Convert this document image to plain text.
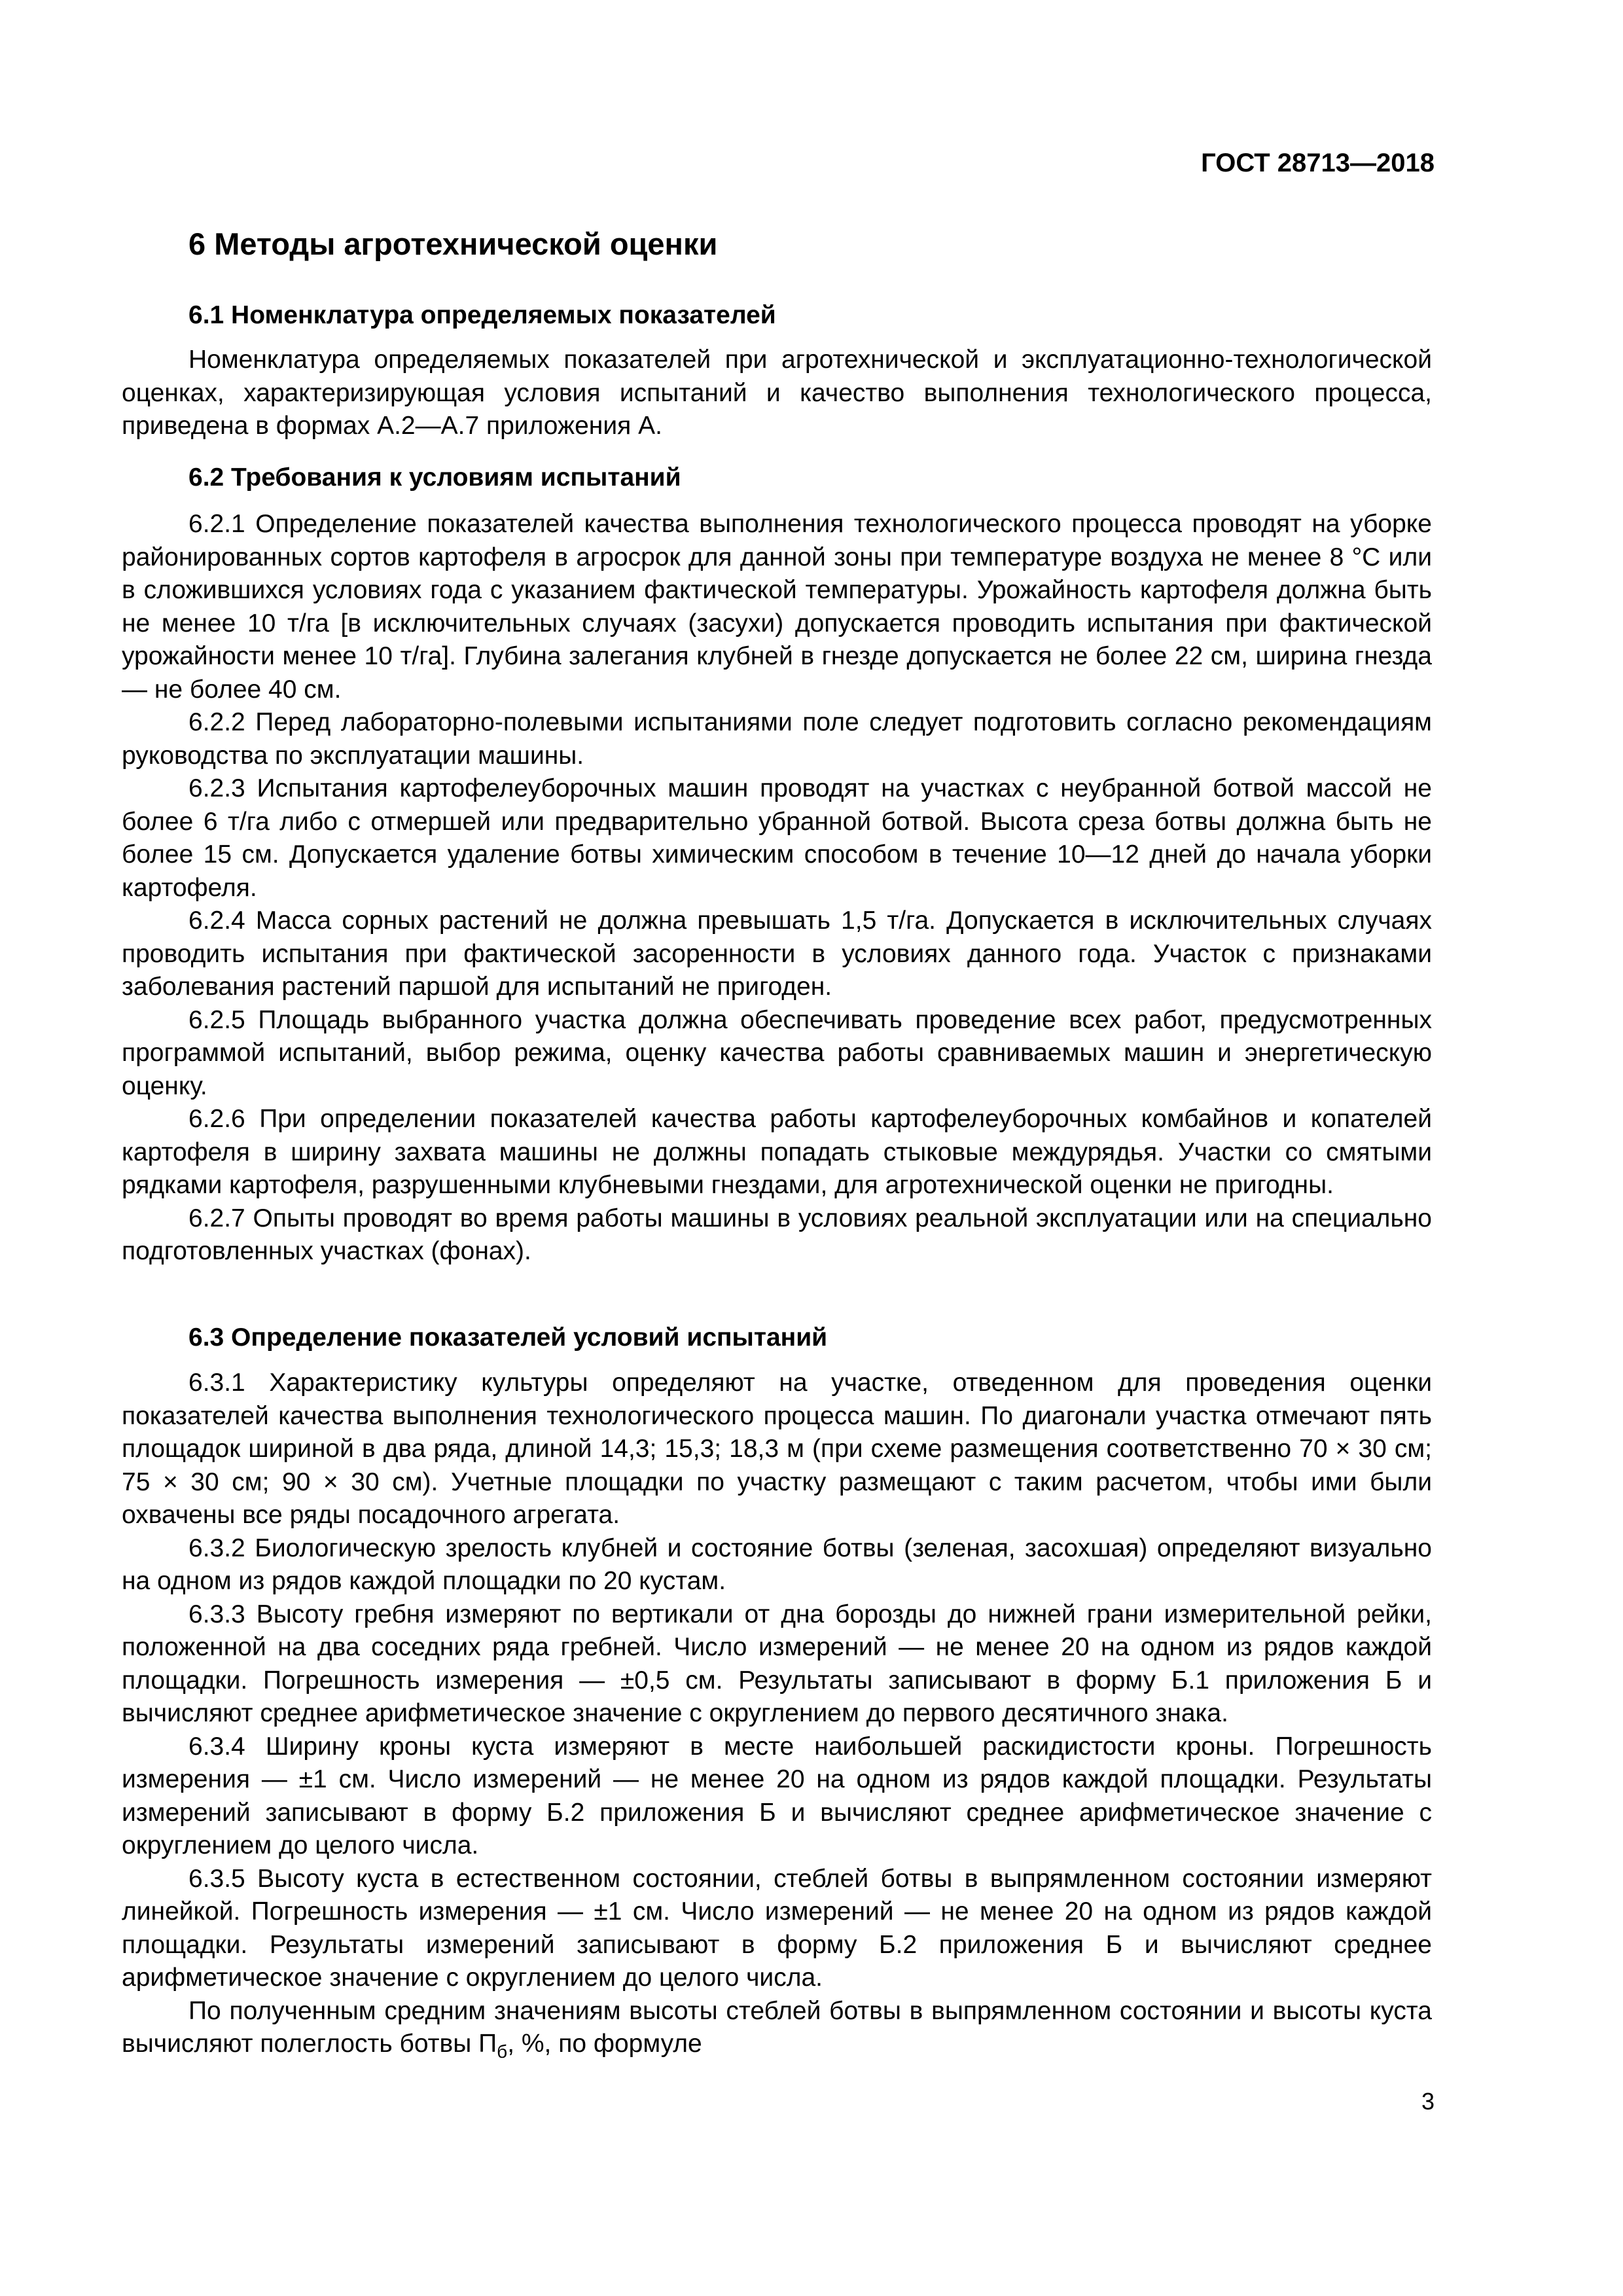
ГОСТ 28713—2018
6 Методы агротехнической оценки
6.1 Номенклатура определяемых показателей

Номенклатура определяемых показателей при агротехнической и эксплуатационно-технологической оценках, характеризирующая условия испытаний и качество выполнения технологического процесса, приведена в формах А.2—А.7 приложения А.

6.2 Требования к условиям испытаний

6.2.1 Определение показателей качества выполнения технологического процесса проводят на уборке районированных сортов картофеля в агросрок для данной зоны при температуре воздуха не менее 8 °С или в сложившихся условиях года с указанием фактической температуры. Урожайность картофеля должна быть не менее 10 т/га [в исключительных случаях (засухи) допускается проводить испытания при фактической урожайности менее 10 т/га]. Глубина залегания клубней в гнезде допускается не более 22 см, ширина гнезда — не более 40 см.

6.2.2 Перед лабораторно-полевыми испытаниями поле следует подготовить согласно рекомендациям руководства по эксплуатации машины.

6.2.3 Испытания картофелеуборочных машин проводят на участках с неубранной ботвой массой не более 6 т/га либо с отмершей или предварительно убранной ботвой. Высота среза ботвы должна быть не более 15 см. Допускается удаление ботвы химическим способом в течение 10—12 дней до начала уборки картофеля.

6.2.4 Масса сорных растений не должна превышать 1,5 т/га. Допускается в исключительных случаях проводить испытания при фактической засоренности в условиях данного года. Участок с признаками заболевания растений паршой для испытаний не пригоден.

6.2.5 Площадь выбранного участка должна обеспечивать проведение всех работ, предусмотренных программой испытаний, выбор режима, оценку качества работы сравниваемых машин и энергетическую оценку.

6.2.6 При определении показателей качества работы картофелеуборочных комбайнов и копателей картофеля в ширину захвата машины не должны попадать стыковые междурядья. Участки со смятыми рядками картофеля, разрушенными клубневыми гнездами, для агротехнической оценки не пригодны.

6.2.7 Опыты проводят во время работы машины в условиях реальной эксплуатации или на специально подготовленных участках (фонах).

6.3 Определение показателей условий испытаний

6.3.1 Характеристику культуры определяют на участке, отведенном для проведения оценки показателей качества выполнения технологического процесса машин. По диагонали участка отмечают пять площадок шириной в два ряда, длиной 14,3; 15,3; 18,3 м (при схеме размещения соответственно 70 × 30 см; 75 × 30 см; 90 × 30 см). Учетные площадки по участку размещают с таким расчетом, чтобы ими были охвачены все ряды посадочного агрегата.

6.3.2 Биологическую зрелость клубней и состояние ботвы (зеленая, засохшая) определяют визуально на одном из рядов каждой площадки по 20 кустам.

6.3.3 Высоту гребня измеряют по вертикали от дна борозды до нижней грани измерительной рейки, положенной на два соседних ряда гребней. Число измерений — не менее 20 на одном из рядов каждой площадки. Погрешность измерения — ±0,5 см. Результаты записывают в форму Б.1 приложения Б и вычисляют среднее арифметическое значение с округлением до первого десятичного знака.

6.3.4 Ширину кроны куста измеряют в месте наибольшей раскидистости кроны. Погрешность измерения — ±1 см. Число измерений — не менее 20 на одном из рядов каждой площадки. Результаты измерений записывают в форму Б.2 приложения Б и вычисляют среднее арифметическое значение с округлением до целого числа.

6.3.5 Высоту куста в естественном состоянии, стеблей ботвы в выпрямленном состоянии измеряют линейкой. Погрешность измерения — ±1 см. Число измерений — не менее 20 на одном из рядов каждой площадки. Результаты измерений записывают в форму Б.2 приложения Б и вычисляют среднее арифметическое значение с округлением до целого числа.

По полученным средним значениям высоты стеблей ботвы в выпрямленном состоянии и высоты куста вычисляют полеглость ботвы $П_б$, %, по формуле

3
